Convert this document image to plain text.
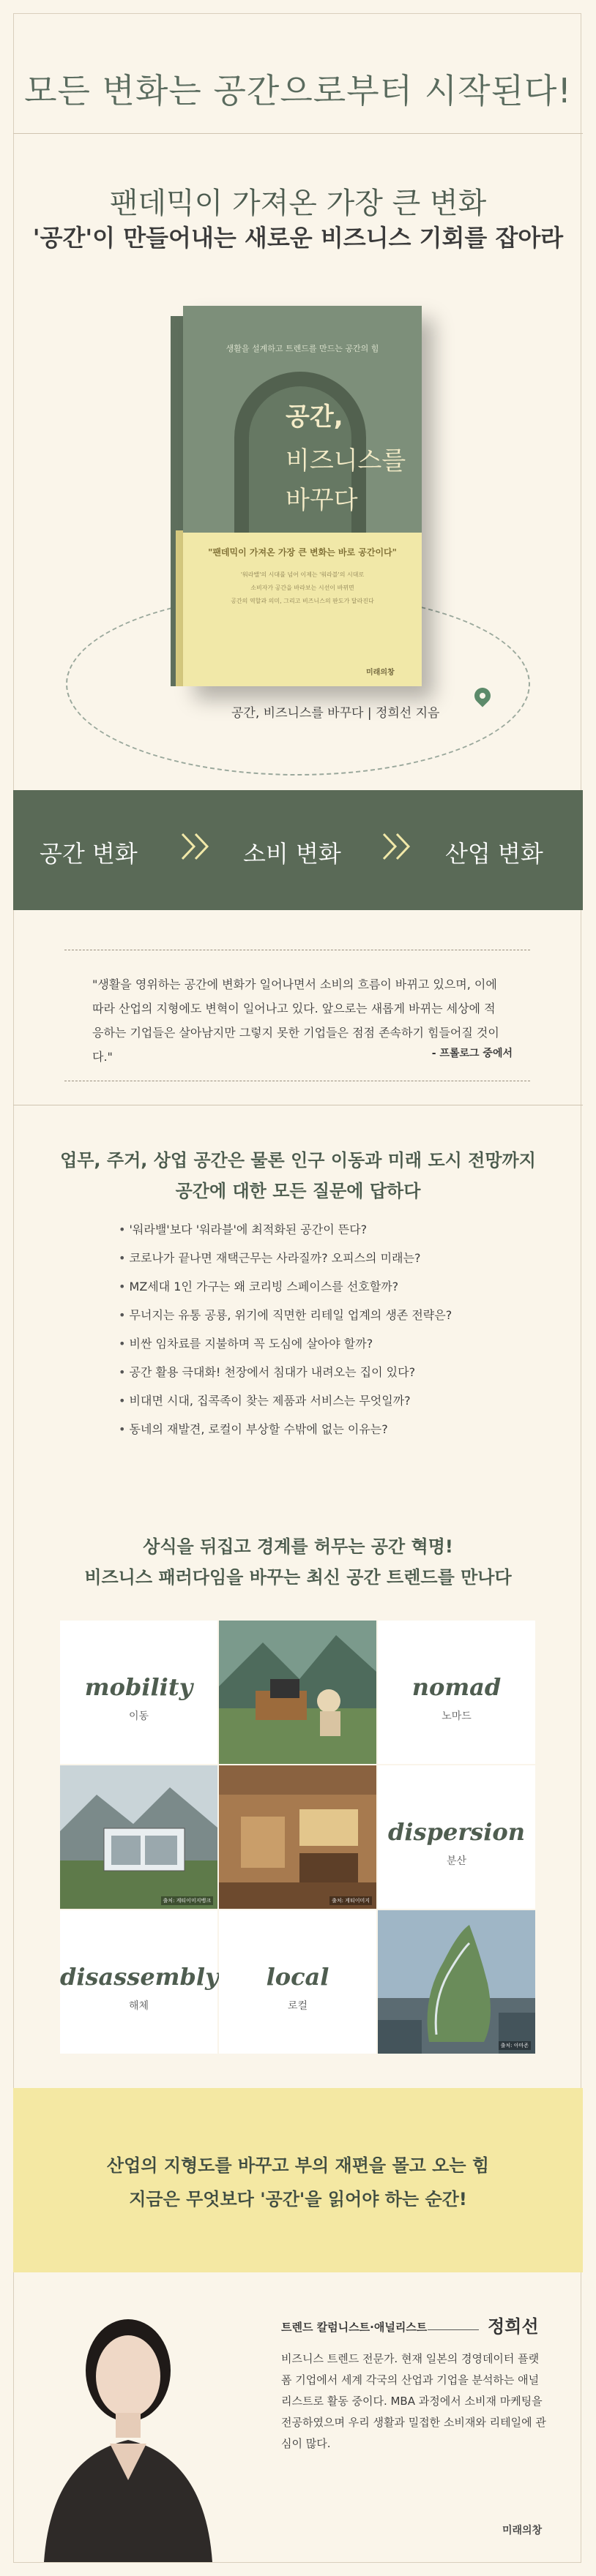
모든 변화는 공간으로부터 시작된다!
팬데믹이 가져온 가장 큰 변화
'공간'이 만들어내는 새로운 비즈니스 기회를 잡아라
생활을 설계하고 트렌드를 만드는 공간의 힘
공간,
비즈니스를
바꾸다
"팬데믹이 가져온 가장 큰 변화는 바로 공간이다"
'워라밸'의 시대를 넘어 이제는 '워라블'의 시대로
소비자가 공간을 바라보는 시선이 바뀌면
공간의 역할과 의미, 그리고 비즈니스의 판도가 달라진다
미래의창
공간, 비즈니스를 바꾸다 | 정희선 지음
공간 변화	소비 변화	산업 변화
"생활을 영위하는 공간에 변화가 일어나면서 소비의 흐름이 바뀌고 있으며, 이에 따라 산업의 지형에도 변혁이 일어나고 있다. 앞으로는 새롭게 바뀌는 세상에 적응하는 기업들은 살아남지만 그렇지 못한 기업들은 점점 존속하기 힘들어질 것이다."	- 프롤로그 중에서
업무, 주거, 상업 공간은 물론 인구 이동과 미래 도시 전망까지
공간에 대한 모든 질문에 답하다
• '워라밸'보다 '워라블'에 최적화된 공간이 뜬다?
• 코로나가 끝나면 재택근무는 사라질까? 오피스의 미래는?
• MZ세대 1인 가구는 왜 코리빙 스페이스를 선호할까?
• 무너지는 유통 공룡, 위기에 직면한 리테일 업계의 생존 전략은?
• 비싼 임차료를 지불하며 꼭 도심에 살아야 할까?
• 공간 활용 극대화! 천장에서 침대가 내려오는 집이 있다?
• 비대면 시대, 집콕족이 찾는 제품과 서비스는 무엇일까?
• 동네의 재발견, 로컬이 부상할 수밖에 없는 이유는?
상식을 뒤집고 경계를 허무는 공간 혁명!
비즈니스 패러다임을 바꾸는 최신 공간 트렌드를 만나다
mobility
이동
nomad
노마드
출처: 게티이미지뱅크	출처: 게티이미지
dispersion
분산
disassembly
해체
local
로컬
출처: 아마존
산업의 지형도를 바꾸고 부의 재편을 몰고 오는 힘
지금은 무엇보다 '공간'을 읽어야 하는 순간!
트렌드 칼럼니스트·애널리스트	정희선
비즈니스 트렌드 전문가. 현재 일본의 경영데이터 플랫폼 기업에서 세계 각국의 산업과 기업을 분석하는 애널리스트로 활동 중이다. MBA 과정에서 소비재 마케팅을 전공하였으며 우리 생활과 밀접한 소비재와 리테일에 관심이 많다.
미래의창
